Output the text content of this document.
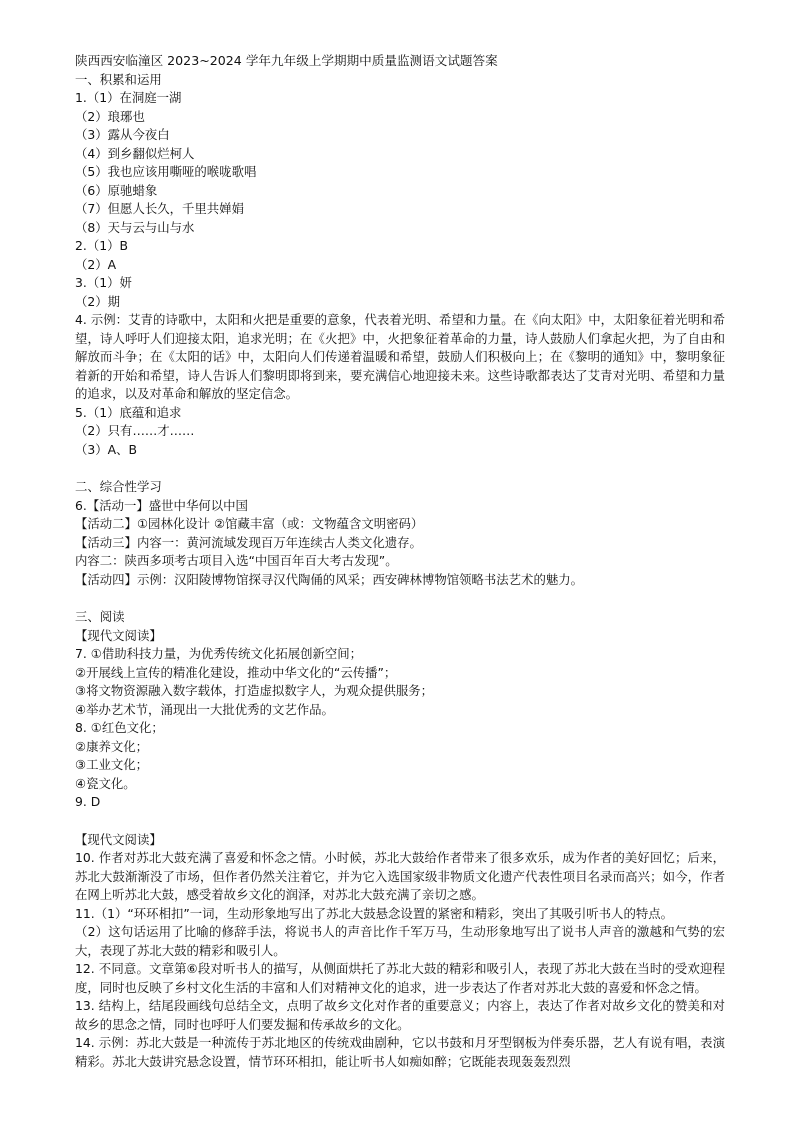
陕西西安临潼区 2023~2024 学年九年级上学期期中质量监测语文试题答案
一、积累和运用
1.（1）在洞庭一湖
（2）琅琊也
（3）露从今夜白
（4）到乡翻似烂柯人
（5）我也应该用嘶哑的喉咙歌唱
（6）原驰蜡象
（7）但愿人长久，千里共婵娟
（8）天与云与山与水
2.（1）B
（2）A
3.（1）妍
（2）期
4. 示例：艾青的诗歌中，太阳和火把是重要的意象，代表着光明、希望和力量。在《向太阳》中，太阳象征着光明和希望，诗人呼吁人们迎接太阳，追求光明；在《火把》中，火把象征着革命的力量，诗人鼓励人们拿起火把，为了自由和解放而斗争；在《太阳的话》中，太阳向人们传递着温暖和希望，鼓励人们积极向上；在《黎明的通知》中，黎明象征着新的开始和希望，诗人告诉人们黎明即将到来，要充满信心地迎接未来。这些诗歌都表达了艾青对光明、希望和力量的追求，以及对革命和解放的坚定信念。
5.（1）底蕴和追求
（2）只有……才……
（3）A、B
二、综合性学习
6.【活动一】盛世中华何以中国
【活动二】①园林化设计 ②馆藏丰富（或：文物蕴含文明密码）
【活动三】内容一：黄河流域发现百万年连续古人类文化遗存。
内容二：陕西多项考古项目入选“中国百年百大考古发现”。
【活动四】示例：汉阳陵博物馆探寻汉代陶俑的风采；西安碑林博物馆领略书法艺术的魅力。
三、阅读
【现代文阅读】
7. ①借助科技力量，为优秀传统文化拓展创新空间；
②开展线上宣传的精准化建设，推动中华文化的“云传播”；
③将文物资源融入数字载体，打造虚拟数字人，为观众提供服务；
④举办艺术节，涌现出一大批优秀的文艺作品。
8. ①红色文化；
②康养文化；
③工业文化；
④瓷文化。
9. D
【现代文阅读】
10. 作者对苏北大鼓充满了喜爱和怀念之情。小时候，苏北大鼓给作者带来了很多欢乐，成为作者的美好回忆；后来，苏北大鼓渐渐没了市场，但作者仍然关注着它，并为它入选国家级非物质文化遗产代表性项目名录而高兴；如今，作者在网上听苏北大鼓，感受着故乡文化的润泽，对苏北大鼓充满了亲切之感。
11.（1）“环环相扣”一词，生动形象地写出了苏北大鼓悬念设置的紧密和精彩，突出了其吸引听书人的特点。
（2）这句话运用了比喻的修辞手法，将说书人的声音比作千军万马，生动形象地写出了说书人声音的激越和气势的宏大，表现了苏北大鼓的精彩和吸引人。
12. 不同意。文章第⑥段对听书人的描写，从侧面烘托了苏北大鼓的精彩和吸引人，表现了苏北大鼓在当时的受欢迎程度，同时也反映了乡村文化生活的丰富和人们对精神文化的追求，进一步表达了作者对苏北大鼓的喜爱和怀念之情。
13. 结构上，结尾段画线句总结全文，点明了故乡文化对作者的重要意义；内容上，表达了作者对故乡文化的赞美和对故乡的思念之情，同时也呼吁人们要发掘和传承故乡的文化。
14. 示例：苏北大鼓是一种流传于苏北地区的传统戏曲剧种，它以书鼓和月牙型钢板为伴奏乐器，艺人有说有唱，表演精彩。苏北大鼓讲究悬念设置，情节环环相扣，能让听书人如痴如醉；它既能表现轰轰烈烈
